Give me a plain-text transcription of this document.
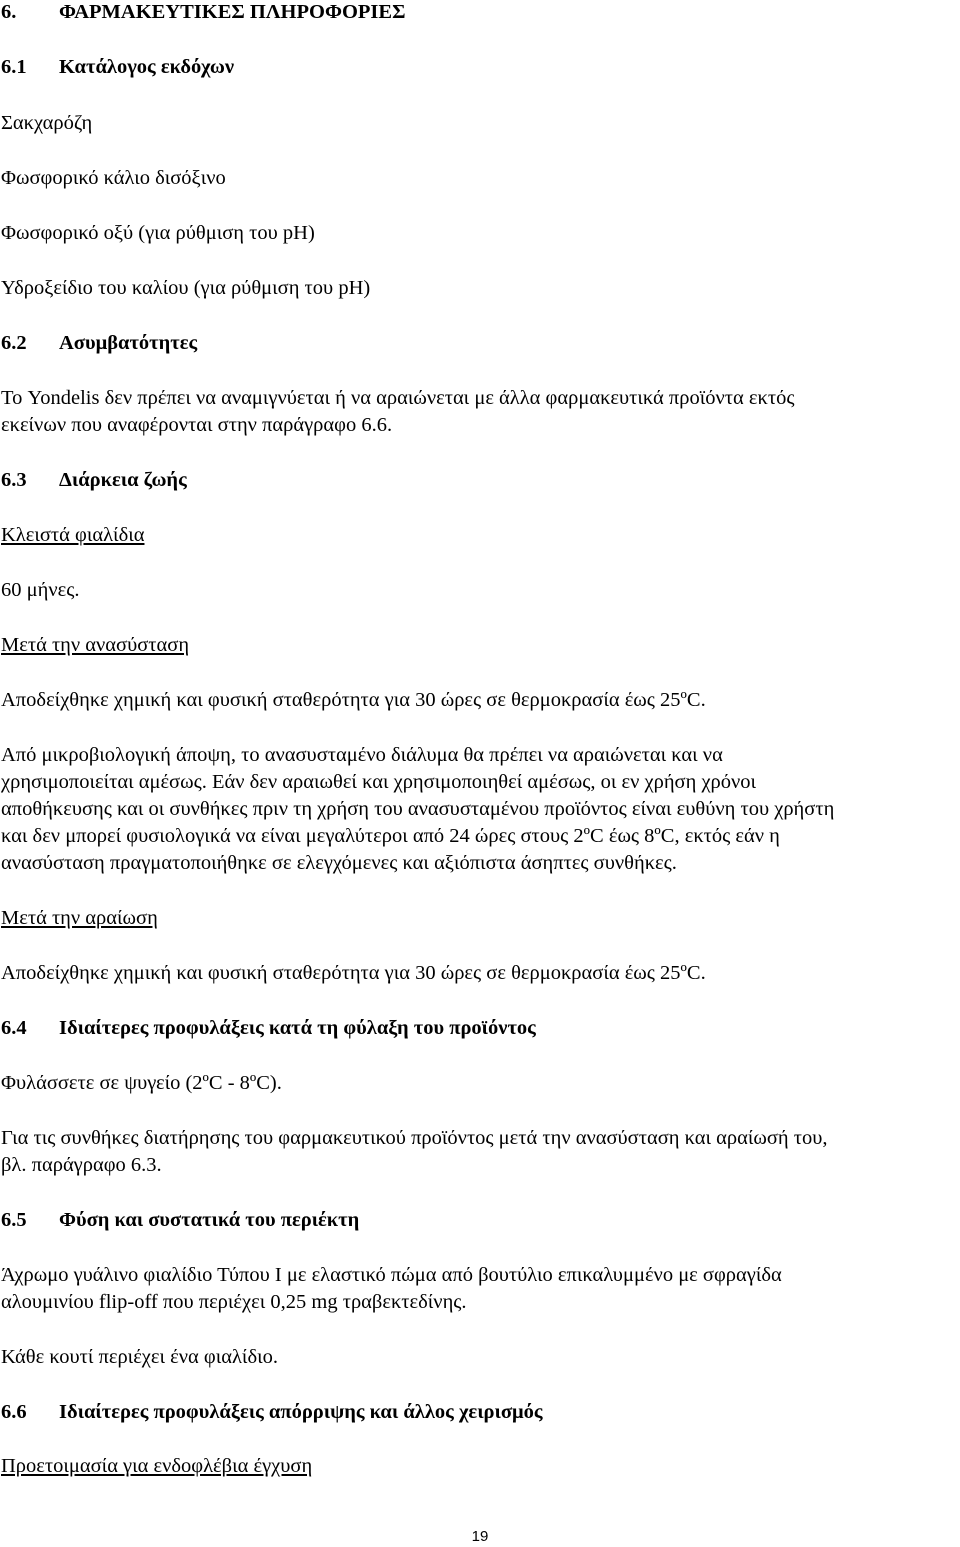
6. ΦΑΡΜΑΚΕΥΤΙΚΕΣ ΠΛΗΡΟΦΟΡΙΕΣ
6.1 Κατάλογος εκδόχων
Σακχαρόζη
Φωσφορικό κάλιο δισόξινο
Φωσφορικό οξύ (για ρύθμιση του pH)
Υδροξείδιο του καλίου (για ρύθμιση του pH)
6.2 Ασυμβατότητες
Το Yondelis δεν πρέπει να αναμιγνύεται ή να αραιώνεται με άλλα φαρμακευτικά προϊόντα εκτός
εκείνων που αναφέρονται στην παράγραφο 6.6.
6.3 Διάρκεια ζωής
Κλειστά φιαλίδια
60 μήνες.
Μετά την ανασύσταση
Αποδείχθηκε χημική και φυσική σταθερότητα για 30 ώρες σε θερμοκρασία έως 25ºC.
Από μικροβιολογική άποψη, το ανασυσταμένο διάλυμα θα πρέπει να αραιώνεται και να
χρησιμοποιείται αμέσως. Εάν δεν αραιωθεί και χρησιμοποιηθεί αμέσως, οι εν χρήση χρόνοι
αποθήκευσης και οι συνθήκες πριν τη χρήση του ανασυσταμένου προϊόντος είναι ευθύνη του χρήστη
και δεν μπορεί φυσιολογικά να είναι μεγαλύτεροι από 24 ώρες στους 2ºC έως 8ºC, εκτός εάν η
ανασύσταση πραγματοποιήθηκε σε ελεγχόμενες και αξιόπιστα άσηπτες συνθήκες.
Μετά την αραίωση
Αποδείχθηκε χημική και φυσική σταθερότητα για 30 ώρες σε θερμοκρασία έως 25ºC.
6.4 Ιδιαίτερες προφυλάξεις κατά τη φύλαξη του προϊόντος
Φυλάσσετε σε ψυγείο (2ºC - 8ºC).
Για τις συνθήκες διατήρησης του φαρμακευτικού προϊόντος μετά την ανασύσταση και αραίωσή του,
βλ. παράγραφο 6.3.
6.5 Φύση και συστατικά του περιέκτη
Άχρωμο γυάλινο φιαλίδιο Τύπου Ι με ελαστικό πώμα από βουτύλιο επικαλυμμένο με σφραγίδα
αλουμινίου flip-off που περιέχει 0,25 mg τραβεκτεδίνης.
Κάθε κουτί περιέχει ένα φιαλίδιο.
6.6 Ιδιαίτερες προφυλάξεις απόρριψης και άλλος χειρισμός
Προετοιμασία για ενδοφλέβια έγχυση
19
